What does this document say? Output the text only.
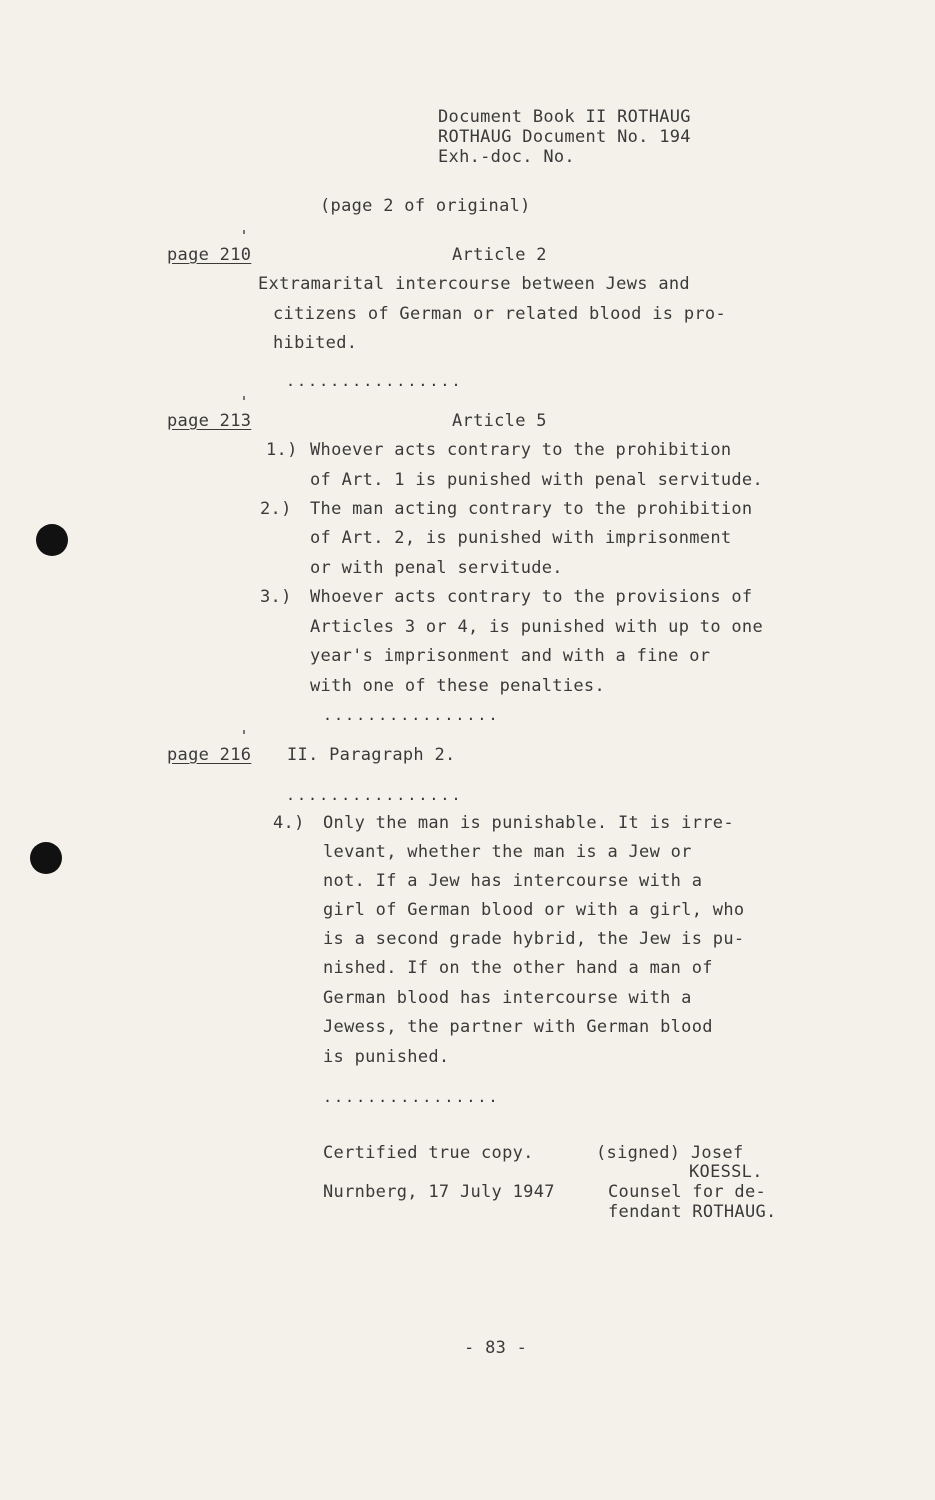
Document Book II ROTHAUG
ROTHAUG Document No. 194
Exh.-doc. No.
(page 2 of original)
page 210	Article 2
Extramarital intercourse between Jews and
citizens of German or related blood is pro-
hibited.
................
page 213	Article 5
1.) Whoever acts contrary to the prohibition
of Art. 1 is punished with penal servitude.
2.) The man acting contrary to the prohibition
of Art. 2, is punished with imprisonment
or with penal servitude.
3.) Whoever acts contrary to the provisions of
Articles 3 or 4, is punished with up to one
year's imprisonment and with a fine or
with one of these penalties.
................
page 216 II. Paragraph 2.
................
4.) Only the man is punishable. It is irre-
levant, whether the man is a Jew or
not. If a Jew has intercourse with a
girl of German blood or with a girl, who
is a second grade hybrid, the Jew is pu-
nished. If on the other hand a man of
German blood has intercourse with a
Jewess, the partner with German blood
is punished.
................
Certified true copy.
Nurnberg, 17 July 1947
(signed) Josef
KOESSL.
Counsel for de-
fendant ROTHAUG.
- 83 -
